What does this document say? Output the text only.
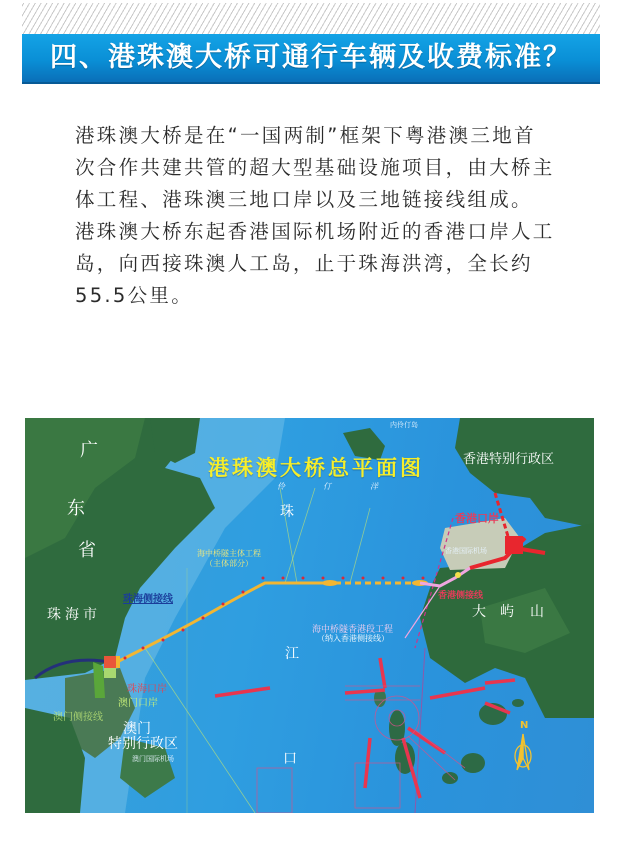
四、港珠澳大桥可通行车辆及收费标准？

港珠澳大桥是在“一国两制”框架下粤港澳三地首次合作共建共管的超大型基础设施项目，由大桥主体工程、港珠澳三地口岸以及三地链接线组成。

港珠澳大桥东起香港国际机场附近的香港口岸人工岛，向西接珠澳人工岛，止于珠海洪湾，全长约55.5公里。

港珠澳大桥总平面图
广
东
省
珠海市
香港特别行政区
澳门
特别行政区
澳门国际机场
香港国际机场
大 屿 山
内伶仃岛
伶	仃	洋
珠
江
口
海中桥隧主体工程
（主体部分）
海中桥隧香港段工程
（纳入香港侧接线）
珠海侧接线
珠海口岸
澳门口岸
澳门侧接线
香港口岸
香港侧接线
N
